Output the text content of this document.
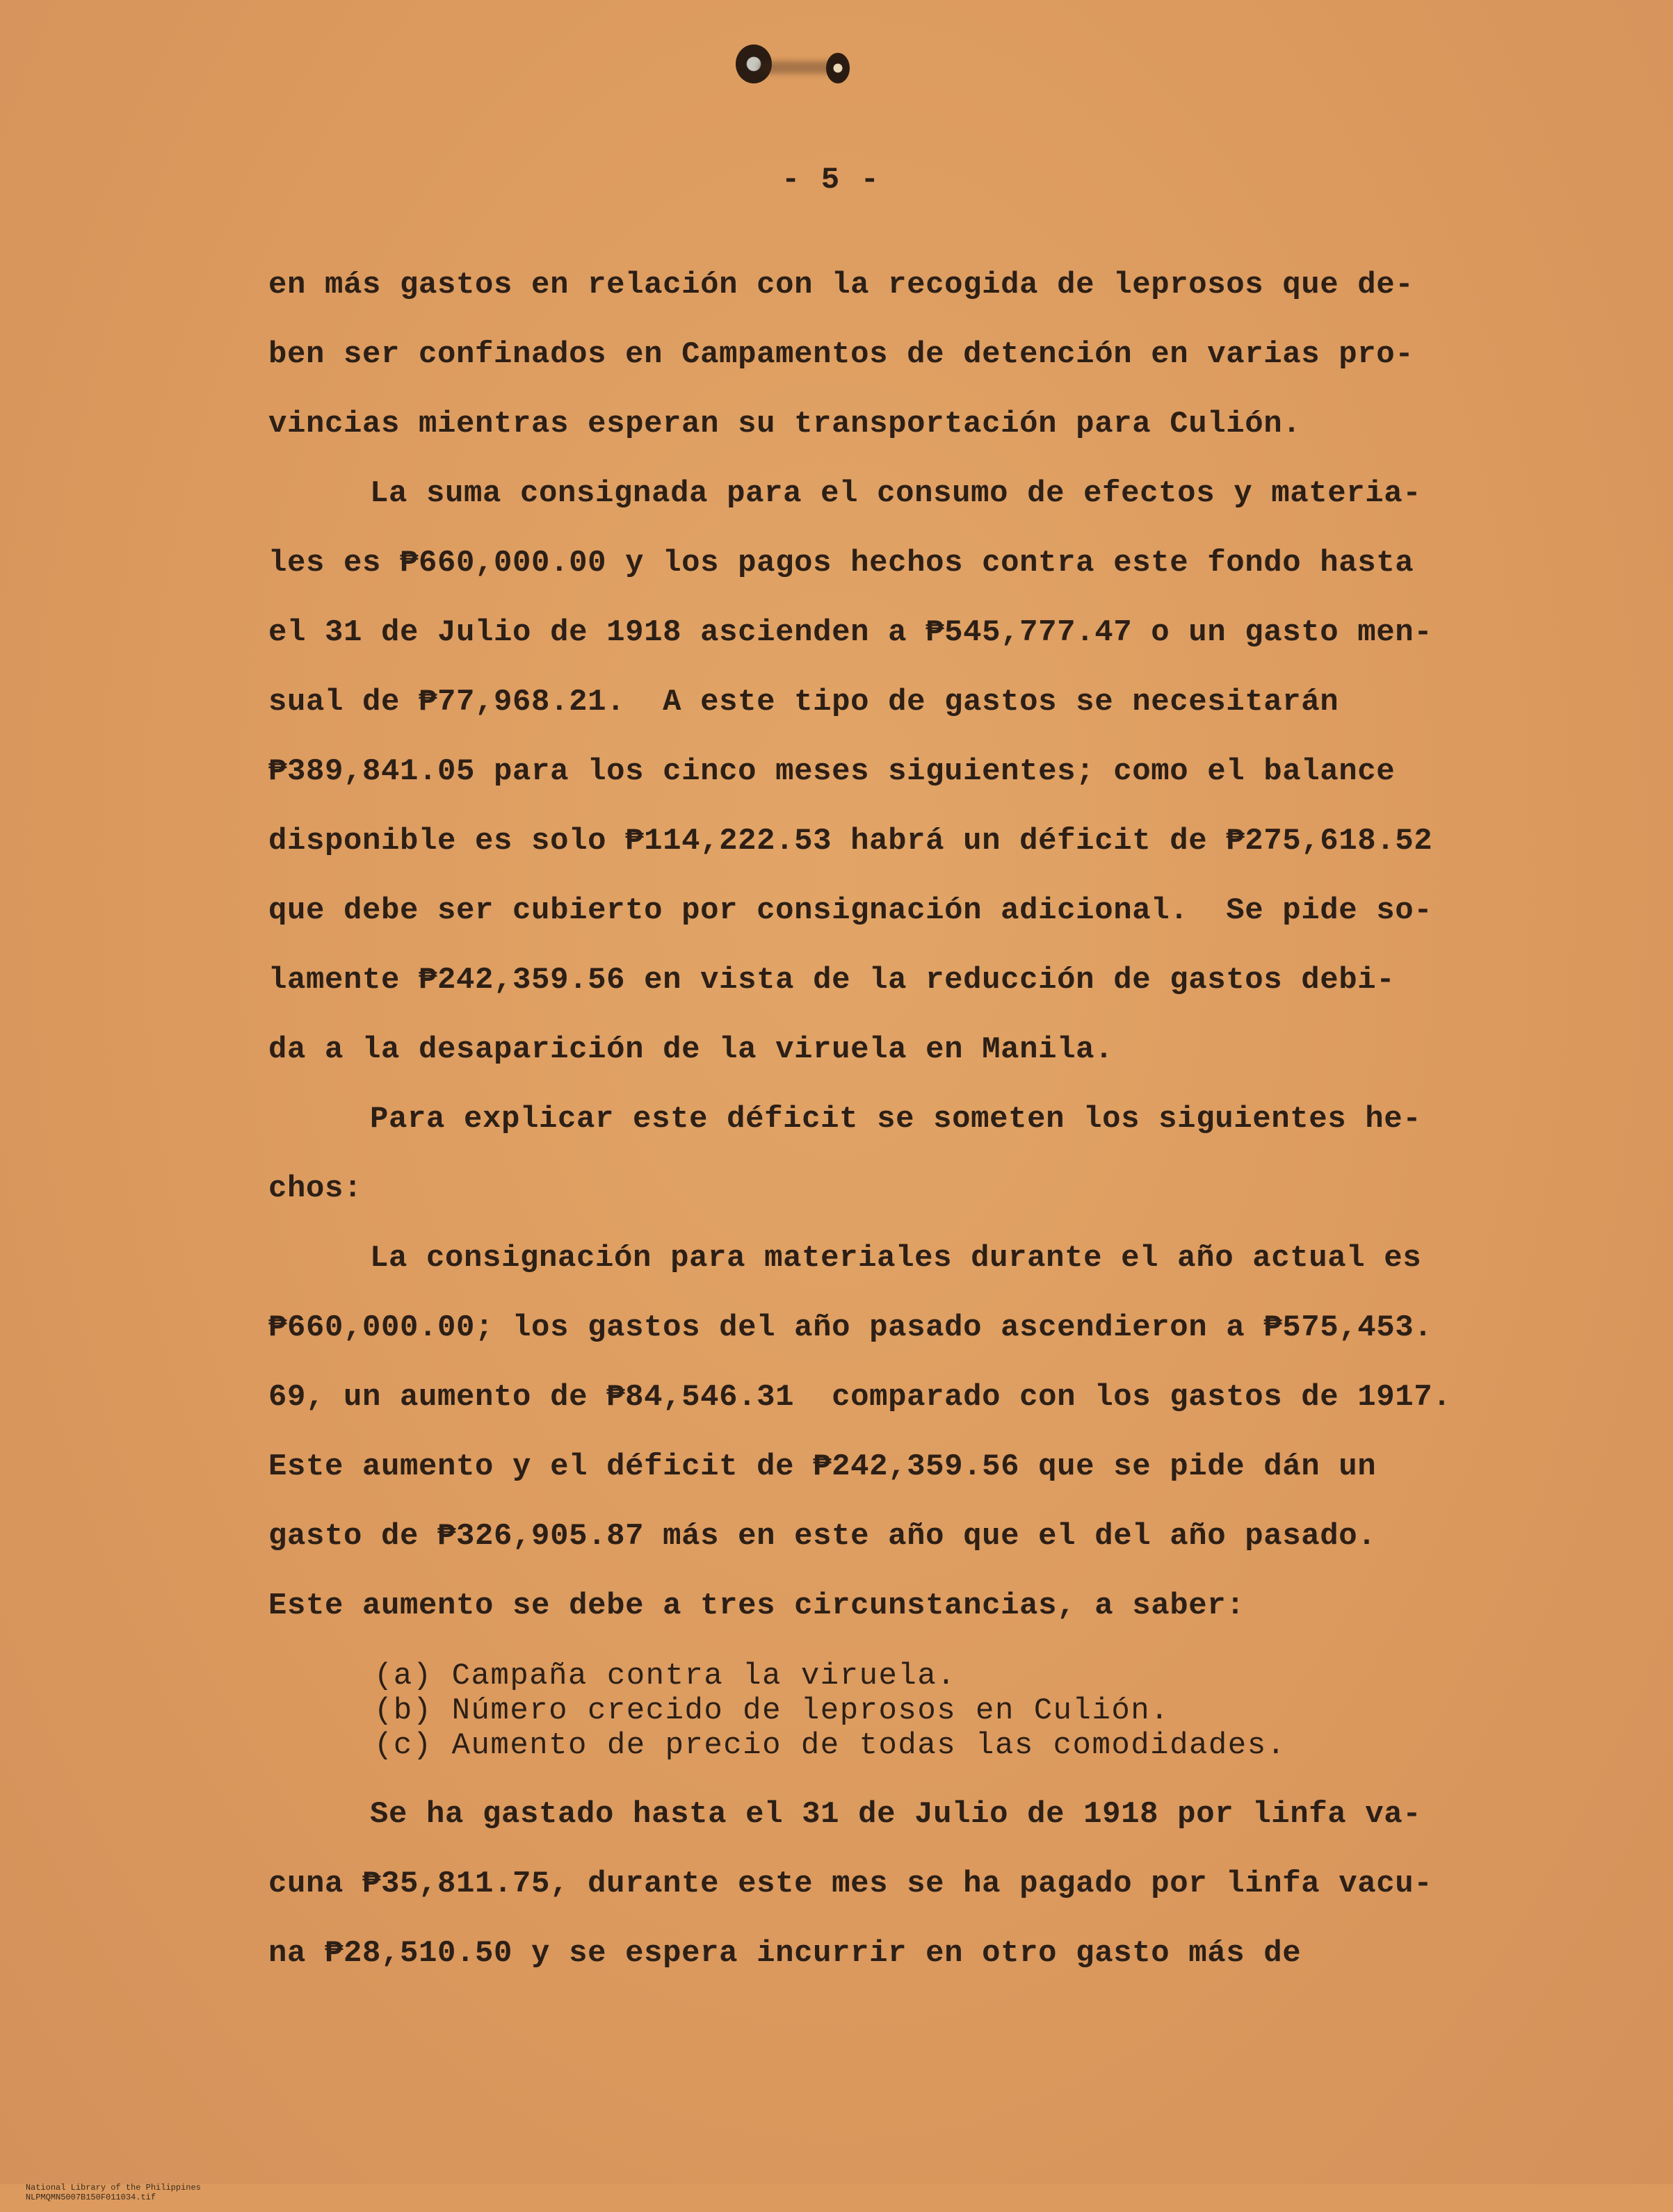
- 5 -
en más gastos en relación con la recogida de leprosos que de-
ben ser confinados en Campamentos de detención en varias pro-
vincias mientras esperan su transportación para Culión.
La suma consignada para el consumo de efectos y materia-
les es ₱660,000.00 y los pagos hechos contra este fondo hasta
el 31 de Julio de 1918 ascienden a ₱545,777.47 o un gasto men-
sual de ₱77,968.21.  A este tipo de gastos se necesitarán
₱389,841.05 para los cinco meses siguientes; como el balance
disponible es solo ₱114,222.53 habrá un déficit de ₱275,618.52
que debe ser cubierto por consignación adicional.  Se pide so-
lamente ₱242,359.56 en vista de la reducción de gastos debi-
da a la desaparición de la viruela en Manila.
Para explicar este déficit se someten los siguientes he-
chos:
La consignación para materiales durante el año actual es
₱660,000.00; los gastos del año pasado ascendieron a ₱575,453.
69, un aumento de ₱84,546.31  comparado con los gastos de 1917.
Este aumento y el déficit de ₱242,359.56 que se pide dán un
gasto de ₱326,905.87 más en este año que el del año pasado.
Este aumento se debe a tres circunstancias, a saber:
(a) Campaña contra la viruela.
(b) Número crecido de leprosos en Culión.
(c) Aumento de precio de todas las comodidades.
Se ha gastado hasta el 31 de Julio de 1918 por linfa va-
cuna ₱35,811.75, durante este mes se ha pagado por linfa vacu-
na ₱28,510.50 y se espera incurrir en otro gasto más de

National Library of the Philippines
NLPMQMN5007B150F011034.tif
